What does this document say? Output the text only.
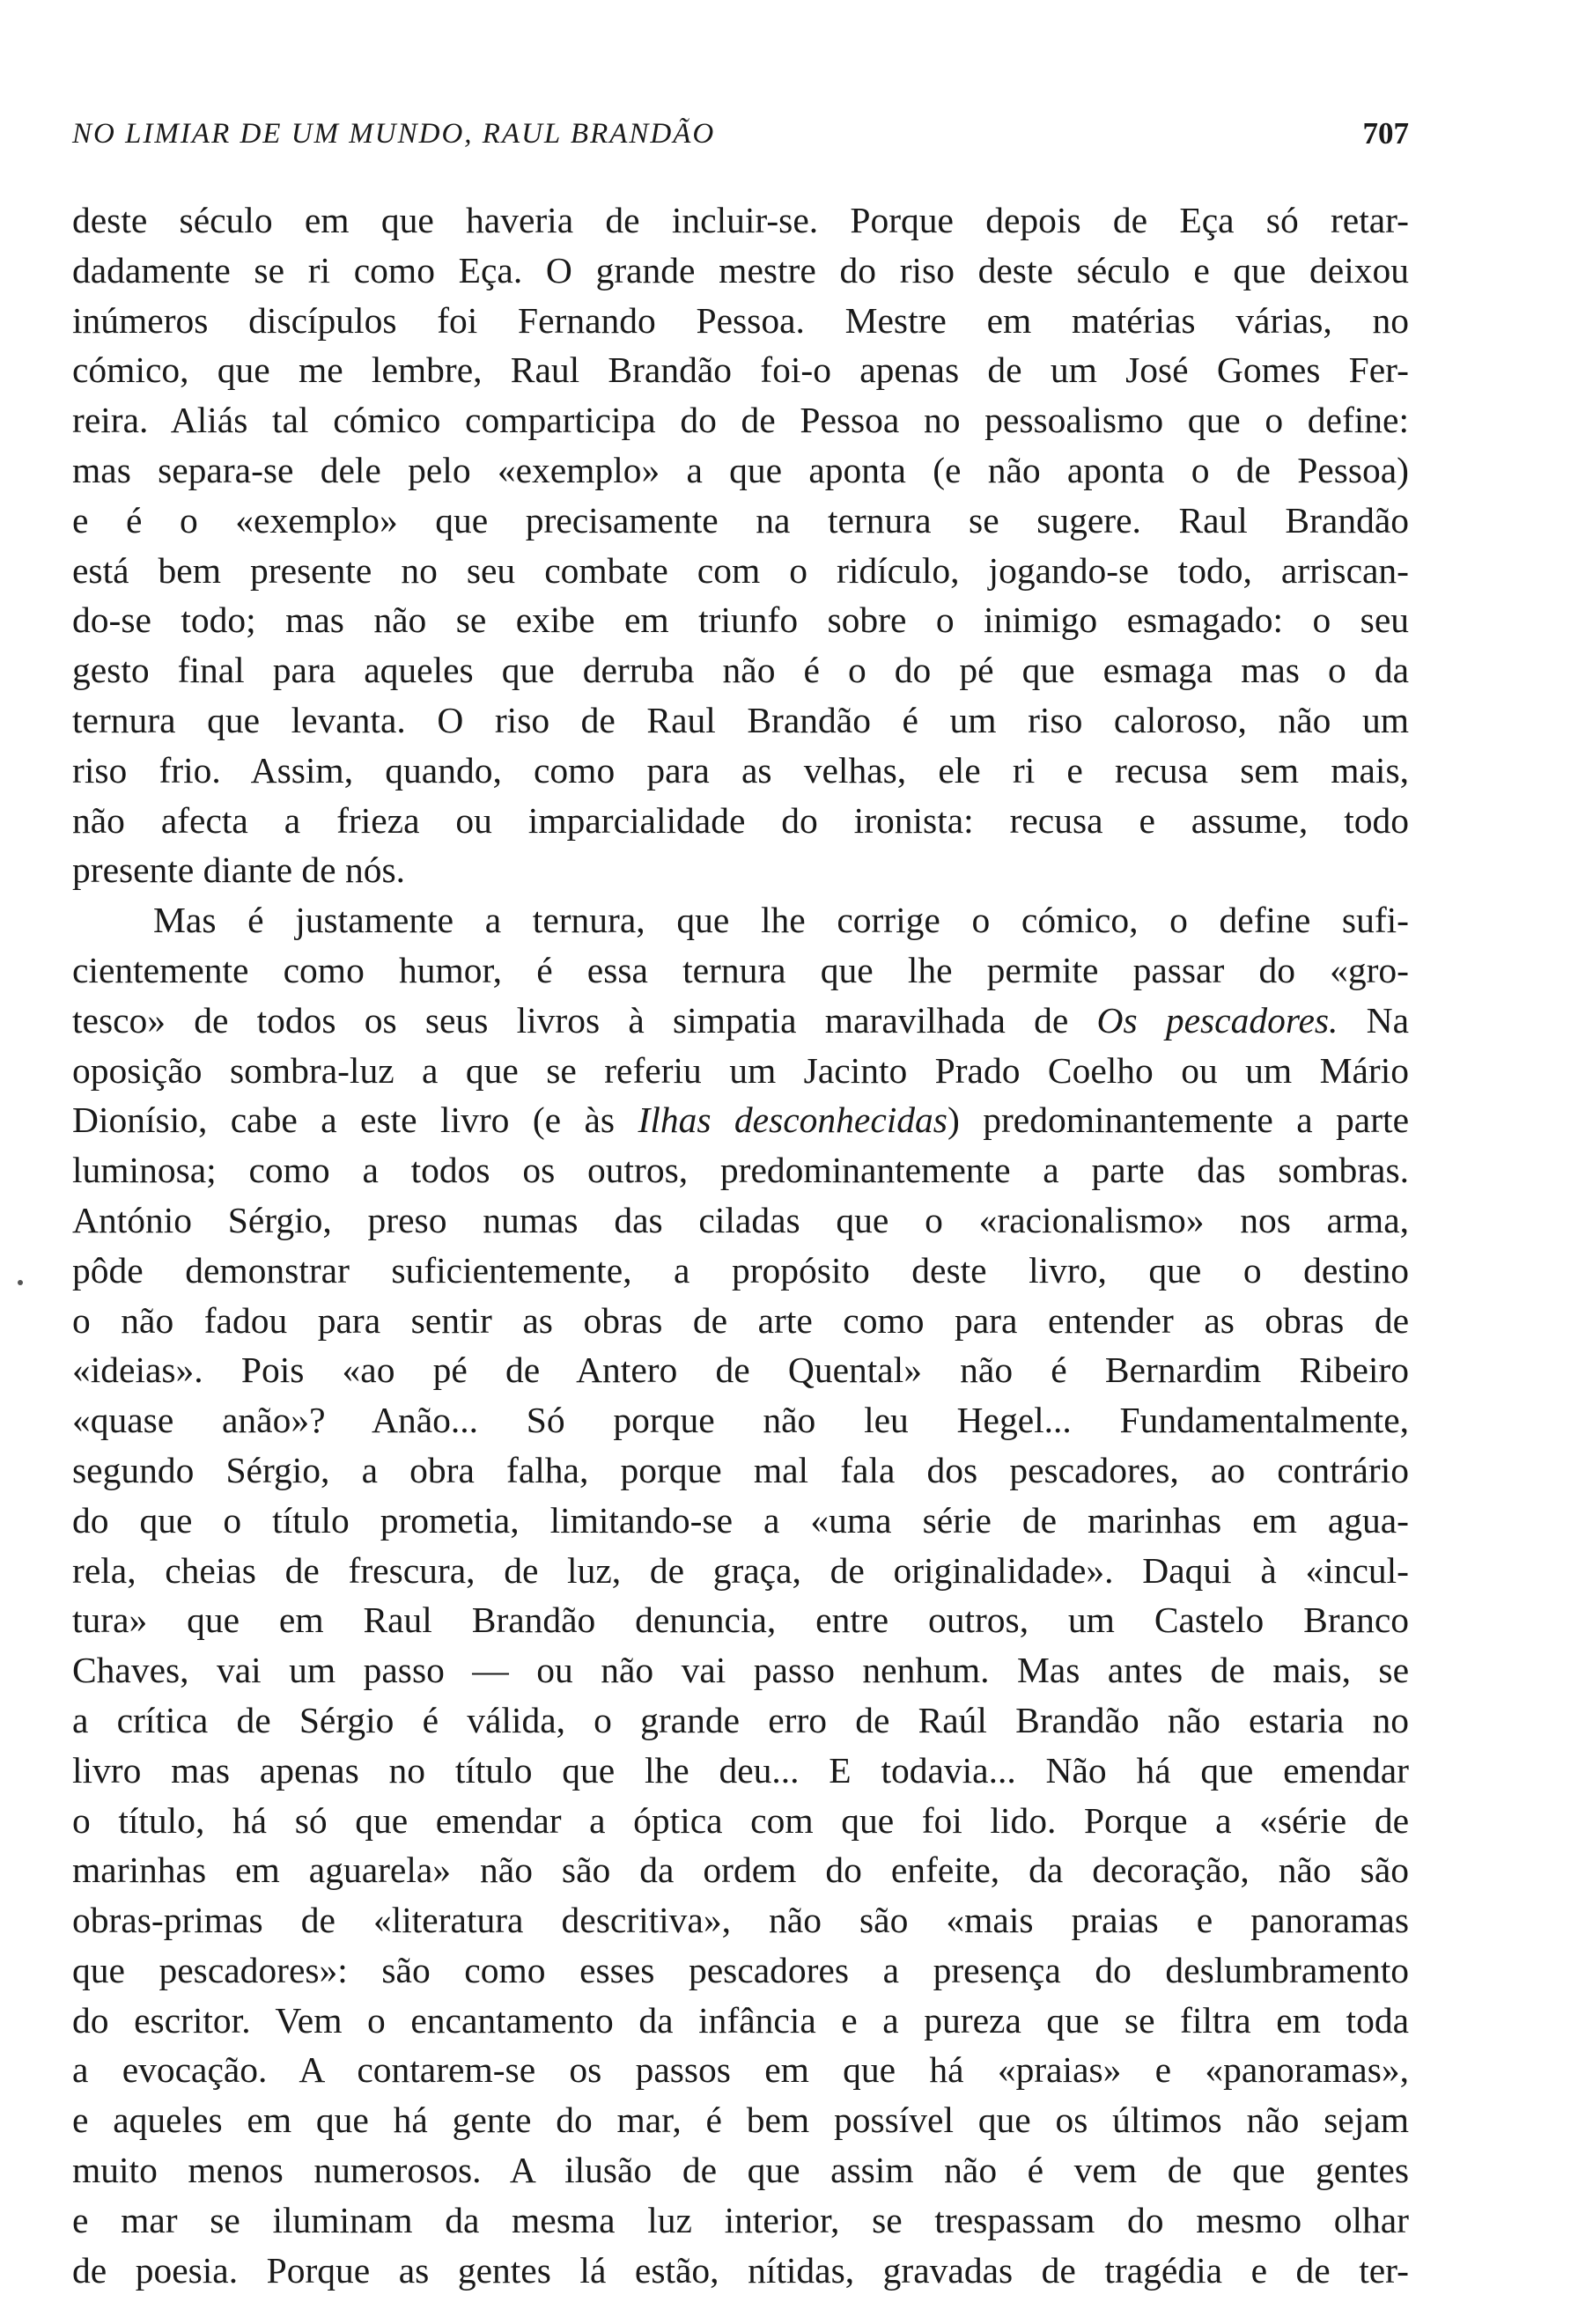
NO LIMIAR DE UM MUNDO, RAUL BRANDÃO	707
deste século em que haveria de incluir-se. Porque depois de Eça só retar-
dadamente se ri como Eça. O grande mestre do riso deste século e que deixou
inúmeros discípulos foi Fernando Pessoa. Mestre em matérias várias, no
cómico, que me lembre, Raul Brandão foi-o apenas de um José Gomes Fer-
reira. Aliás tal cómico comparticipa do de Pessoa no pessoalismo que o define:
mas separa-se dele pelo «exemplo» a que aponta (e não aponta o de Pessoa)
e é o «exemplo» que precisamente na ternura se sugere. Raul Brandão
está bem presente no seu combate com o ridículo, jogando-se todo, arriscan-
do-se todo; mas não se exibe em triunfo sobre o inimigo esmagado: o seu
gesto final para aqueles que derruba não é o do pé que esmaga mas o da
ternura que levanta. O riso de Raul Brandão é um riso caloroso, não um
riso frio. Assim, quando, como para as velhas, ele ri e recusa sem mais,
não afecta a frieza ou imparcialidade do ironista: recusa e assume, todo
presente diante de nós.
Mas é justamente a ternura, que lhe corrige o cómico, o define sufi-
cientemente como humor, é essa ternura que lhe permite passar do «gro-
tesco» de todos os seus livros à simpatia maravilhada de Os pescadores. Na
oposição sombra-luz a que se referiu um Jacinto Prado Coelho ou um Mário
Dionísio, cabe a este livro (e às Ilhas desconhecidas) predominantemente a parte
luminosa; como a todos os outros, predominantemente a parte das sombras.
António Sérgio, preso numas das ciladas que o «racionalismo» nos arma,
pôde demonstrar suficientemente, a propósito deste livro, que o destino
o não fadou para sentir as obras de arte como para entender as obras de
«ideias». Pois «ao pé de Antero de Quental» não é Bernardim Ribeiro
«quase anão»? Anão... Só porque não leu Hegel... Fundamentalmente,
segundo Sérgio, a obra falha, porque mal fala dos pescadores, ao contrário
do que o título prometia, limitando-se a «uma série de marinhas em agua-
rela, cheias de frescura, de luz, de graça, de originalidade». Daqui à «incul-
tura» que em Raul Brandão denuncia, entre outros, um Castelo Branco
Chaves, vai um passo — ou não vai passo nenhum. Mas antes de mais, se
a crítica de Sérgio é válida, o grande erro de Raúl Brandão não estaria no
livro mas apenas no título que lhe deu... E todavia... Não há que emendar
o título, há só que emendar a óptica com que foi lido. Porque a «série de
marinhas em aguarela» não são da ordem do enfeite, da decoração, não são
obras-primas de «literatura descritiva», não são «mais praias e panoramas
que pescadores»: são como esses pescadores a presença do deslumbramento
do escritor. Vem o encantamento da infância e a pureza que se filtra em toda
a evocação. A contarem-se os passos em que há «praias» e «panoramas»,
e aqueles em que há gente do mar, é bem possível que os últimos não sejam
muito menos numerosos. A ilusão de que assim não é vem de que gentes
e mar se iluminam da mesma luz interior, se trespassam do mesmo olhar
de poesia. Porque as gentes lá estão, nítidas, gravadas de tragédia e de ter-
